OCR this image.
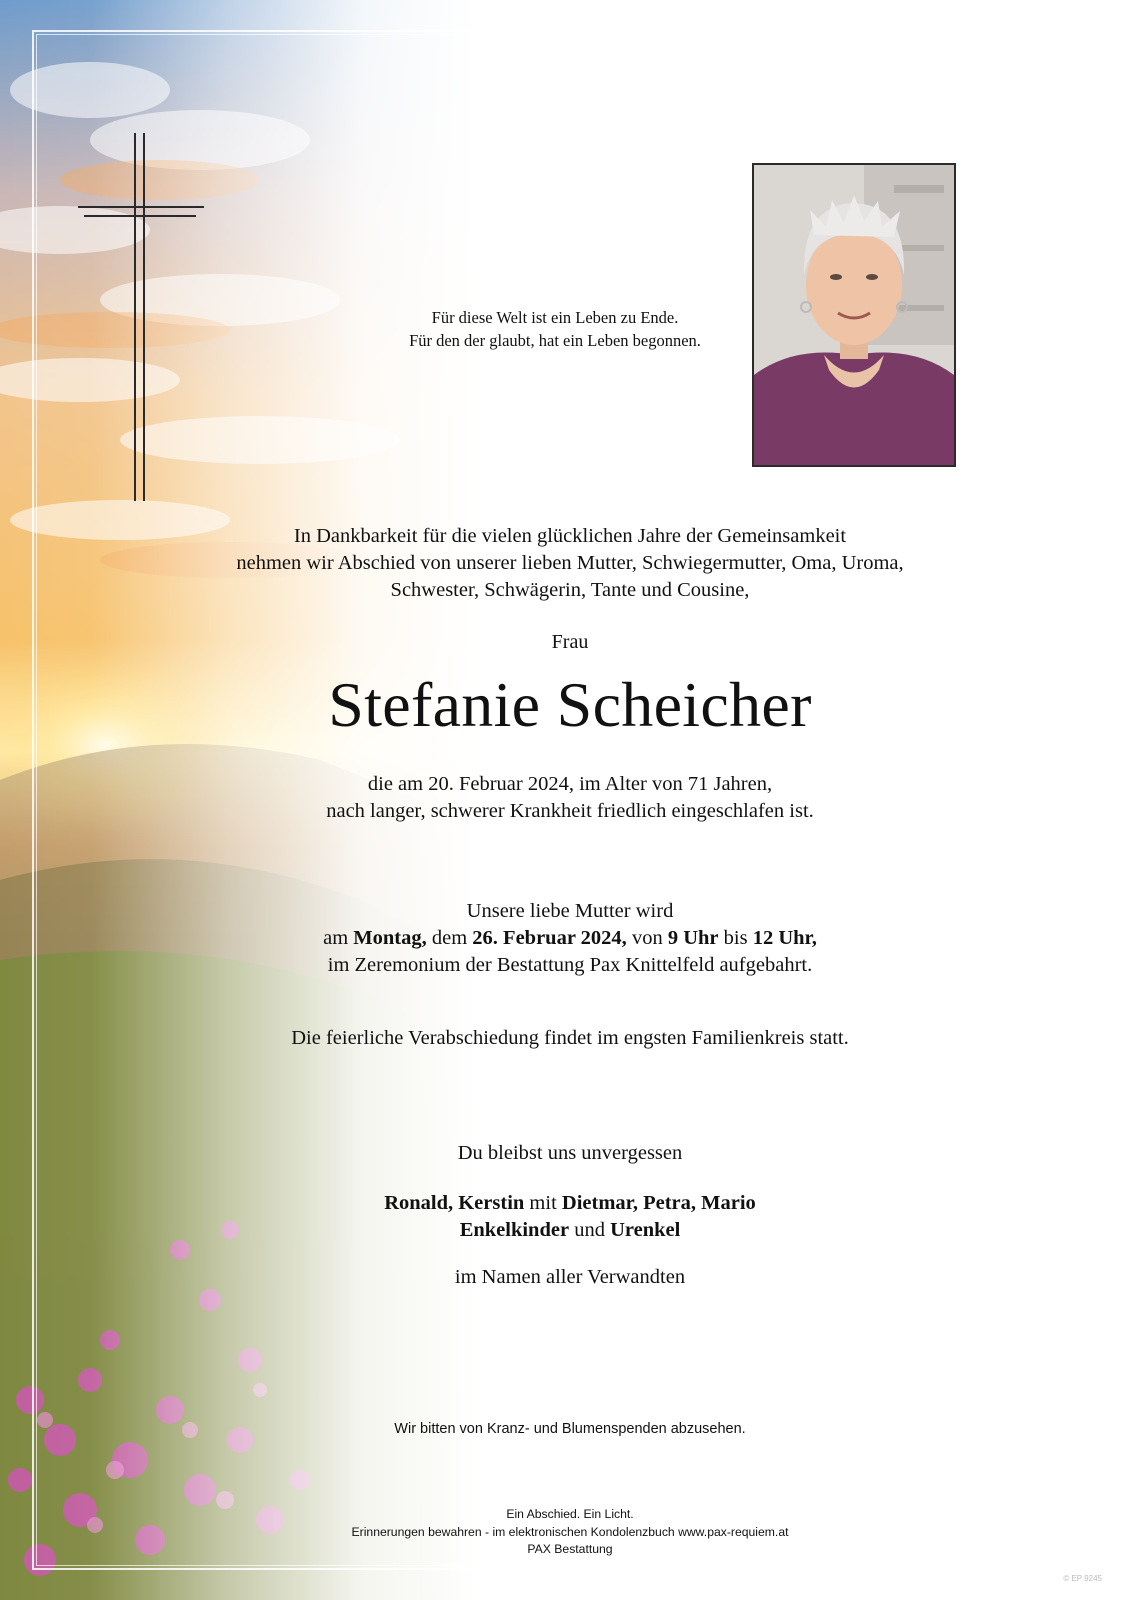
Für diese Welt ist ein Leben zu Ende.
Für den der glaubt, hat ein Leben begonnen.
In Dankbarkeit für die vielen glücklichen Jahre der Gemeinsamkeit
nehmen wir Abschied von unserer lieben Mutter, Schwiegermutter, Oma, Uroma,
Schwester, Schwägerin, Tante und Cousine,
Frau
Stefanie Scheicher
die am 20. Februar 2024, im Alter von 71 Jahren,
nach langer, schwerer Krankheit friedlich eingeschlafen ist.
Unsere liebe Mutter wird
am Montag, dem 26. Februar 2024, von 9 Uhr bis 12 Uhr,
im Zeremonium der Bestattung Pax Knittelfeld aufgebahrt.
Die feierliche Verabschiedung findet im engsten Familienkreis statt.
Du bleibst uns unvergessen
Ronald, Kerstin mit Dietmar, Petra, Mario
Enkelkinder und Urenkel
im Namen aller Verwandten
Wir bitten von Kranz- und Blumenspenden abzusehen.
Ein Abschied. Ein Licht.
Erinnerungen bewahren - im elektronischen Kondolenzbuch www.pax-requiem.at
PAX Bestattung
© EP 9245
